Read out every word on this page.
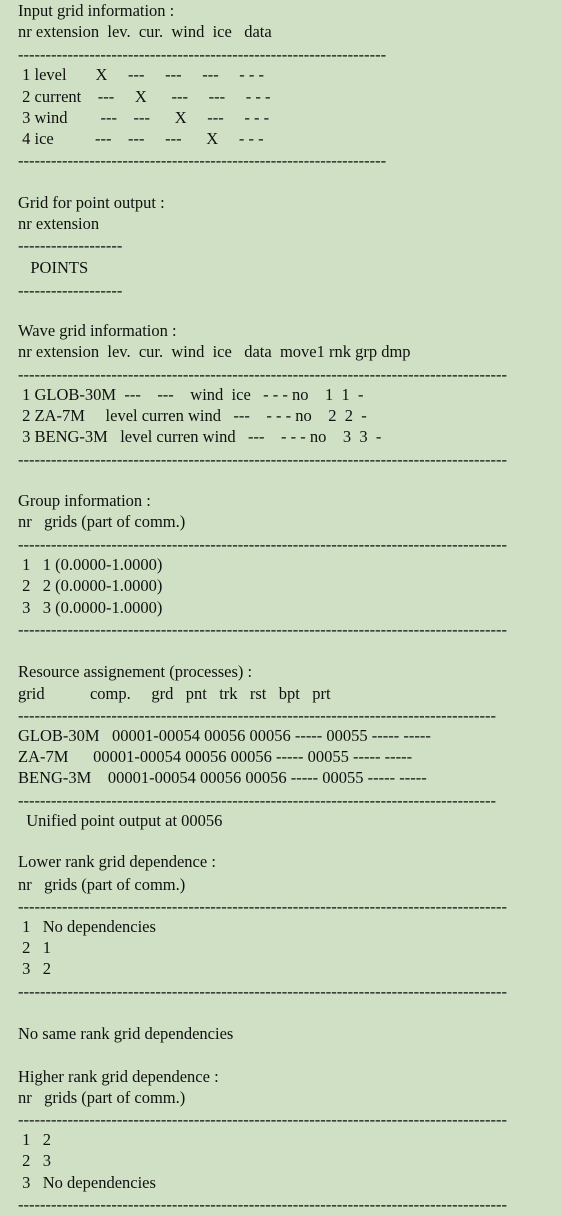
Input grid information :
nr extension  lev.  cur.  wind  ice   data
-------------------------------------------------------------------
1 level       X     ---     ---     ---     - - -
2 current    ---     X      ---     ---     - - -
3 wind        ---    ---      X     ---     - - -
4 ice          ---    ---     ---      X     - - -
-------------------------------------------------------------------
Grid for point output :
nr extension
-------------------
POINTS
-------------------
Wave grid information :
nr extension  lev.  cur.  wind  ice   data  move1 rnk grp dmp
-----------------------------------------------------------------------------------------
1 GLOB-30M  ---    ---    wind  ice   - - - no    1  1  -
2 ZA-7M     level curren wind   ---    - - - no    2  2  -
3 BENG-3M   level curren wind   ---    - - - no    3  3  -
-----------------------------------------------------------------------------------------
Group information :
nr   grids (part of comm.)
-----------------------------------------------------------------------------------------
1   1 (0.0000-1.0000)
2   2 (0.0000-1.0000)
3   3 (0.0000-1.0000)
-----------------------------------------------------------------------------------------
Resource assignement (processes) :
grid           comp.     grd   pnt   trk   rst   bpt   prt
---------------------------------------------------------------------------------------
GLOB-30M   00001-00054 00056 00056 ----- 00055 ----- -----
ZA-7M      00001-00054 00056 00056 ----- 00055 ----- -----
BENG-3M    00001-00054 00056 00056 ----- 00055 ----- -----
---------------------------------------------------------------------------------------
Unified point output at 00056
Lower rank grid dependence :
nr   grids (part of comm.)
-----------------------------------------------------------------------------------------
1   No dependencies
2   1
3   2
-----------------------------------------------------------------------------------------
No same rank grid dependencies
Higher rank grid dependence :
nr   grids (part of comm.)
-----------------------------------------------------------------------------------------
1   2
2   3
3   No dependencies
-----------------------------------------------------------------------------------------
